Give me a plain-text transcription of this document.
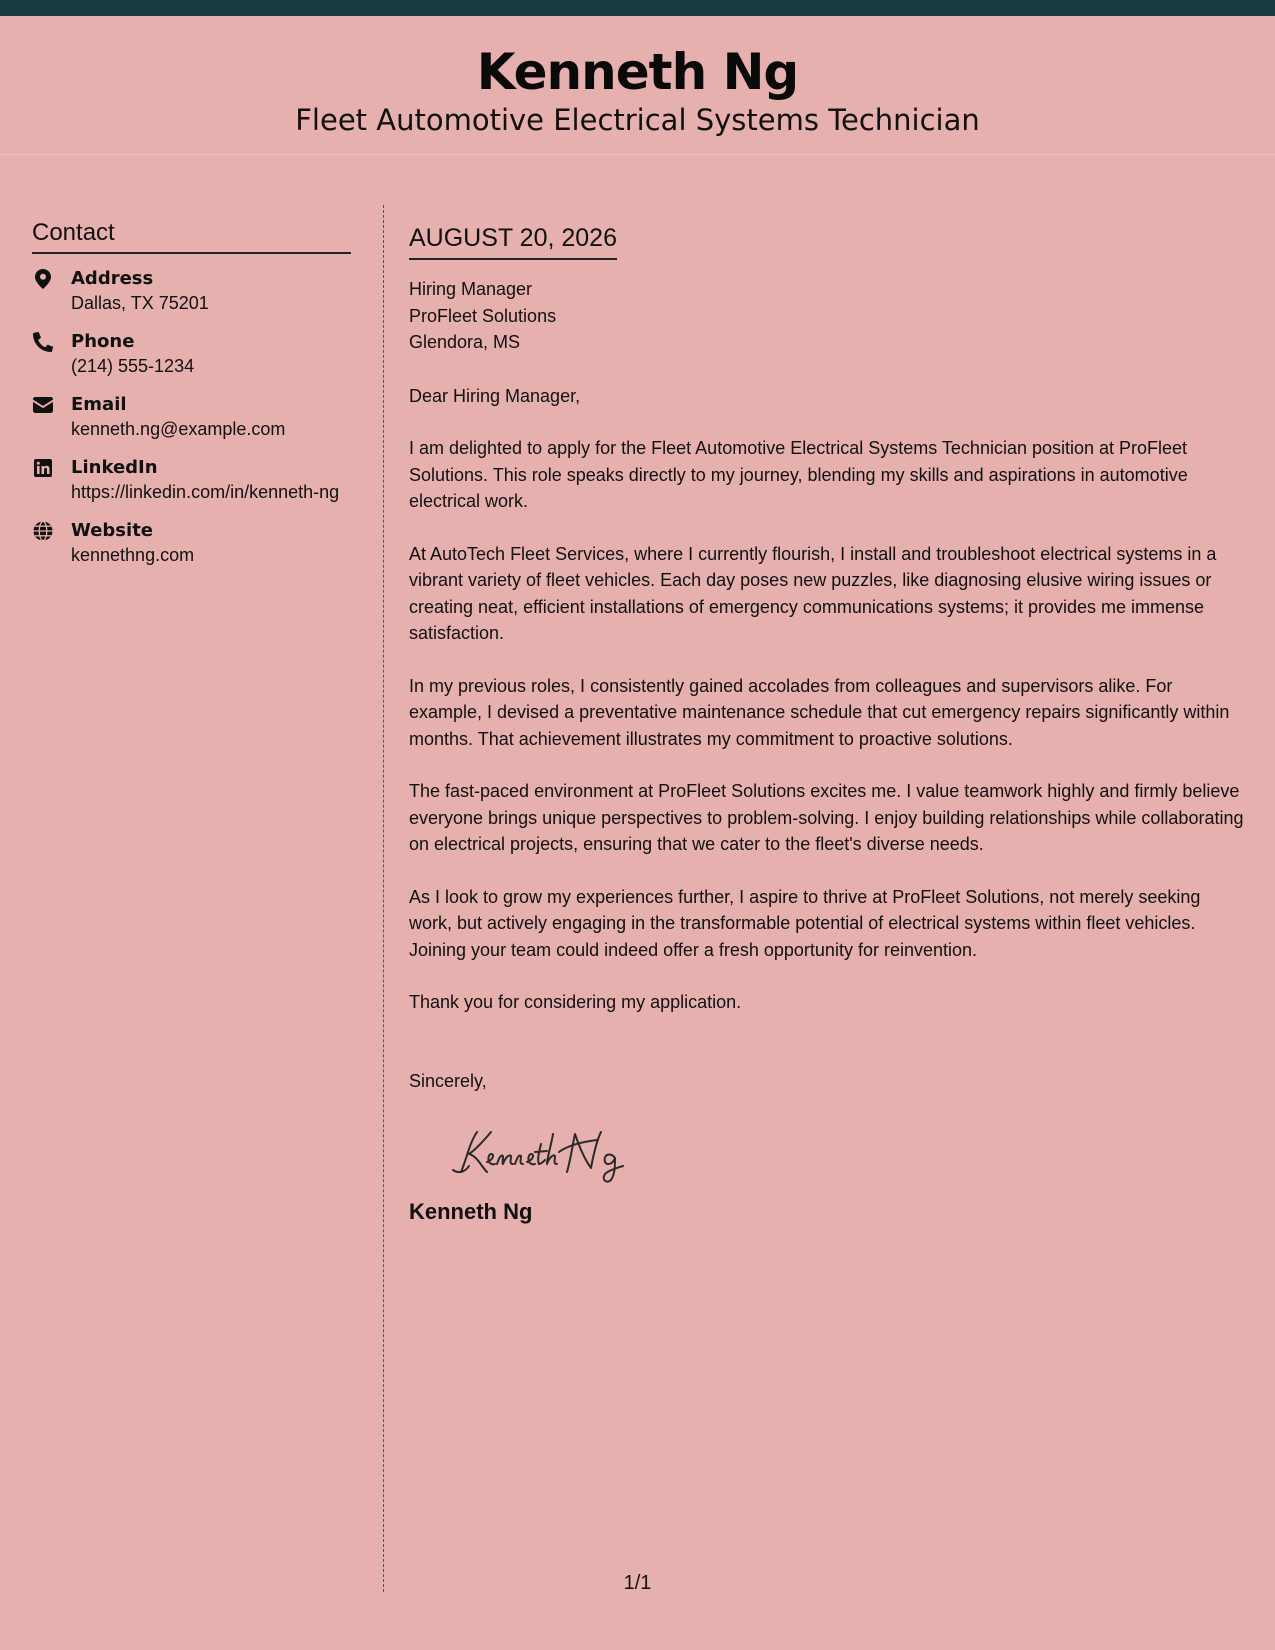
Kenneth Ng
Fleet Automotive Electrical Systems Technician
Contact
Address
Dallas, TX 75201
Phone
(214) 555-1234
Email
kenneth.ng@example.com
LinkedIn
https://linkedin.com/in/kenneth-ng
Website
kennethng.com
AUGUST 20, 2026
Hiring Manager
ProFleet Solutions
Glendora, MS

Dear Hiring Manager,

I am delighted to apply for the Fleet Automotive Electrical Systems Technician position at ProFleet Solutions. This role speaks directly to my journey, blending my skills and aspirations in automotive electrical work.

At AutoTech Fleet Services, where I currently flourish, I install and troubleshoot electrical systems in a vibrant variety of fleet vehicles. Each day poses new puzzles, like diagnosing elusive wiring issues or creating neat, efficient installations of emergency communications systems; it provides me immense satisfaction.

In my previous roles, I consistently gained accolades from colleagues and supervisors alike. For example, I devised a preventative maintenance schedule that cut emergency repairs significantly within months. That achievement illustrates my commitment to proactive solutions.

The fast-paced environment at ProFleet Solutions excites me. I value teamwork highly and firmly believe everyone brings unique perspectives to problem-solving. I enjoy building relationships while collaborating on electrical projects, ensuring that we cater to the fleet's diverse needs.

As I look to grow my experiences further, I aspire to thrive at ProFleet Solutions, not merely seeking work, but actively engaging in the transformable potential of electrical systems within fleet vehicles. Joining your team could indeed offer a fresh opportunity for reinvention.

Thank you for considering my application.

Sincerely,
Kenneth Ng
1/1
